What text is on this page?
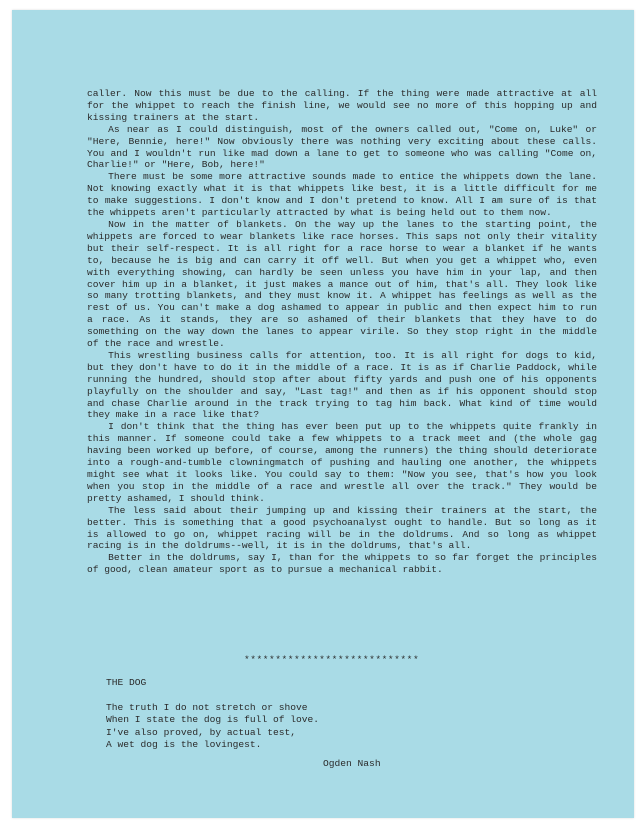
caller. Now this must be due to the calling. If the thing were made attractive at all for the whippet to reach the finish line, we would see no more of this hopping up and kissing trainers at the start.

As near as I could distinguish, most of the owners called out, "Come on, Luke" or "Here, Bennie, here!" Now obviously there was nothing very exciting about these calls. You and I wouldn't run like mad down a lane to get to someone who was calling "Come on, Charlie!" or "Here, Bob, here!"

There must be some more attractive sounds made to entice the whippets down the lane. Not knowing exactly what it is that whippets like best, it is a little difficult for me to make suggestions. I don't know and I don't pretend to know. All I am sure of is that the whippets aren't particularly attracted by what is being held out to them now.

Now in the matter of blankets. On the way up the lanes to the starting point, the whippets are forced to wear blankets like race horses. This saps not only their vitality but their self-respect. It is all right for a race horse to wear a blanket if he wants to, because he is big and can carry it off well. But when you get a whippet who, even with everything showing, can hardly be seen unless you have him in your lap, and then cover him up in a blanket, it just makes a mance out of him, that's all. They look like so many trotting blankets, and they must know it. A whippet has feelings as well as the rest of us. You can't make a dog ashamed to appear in public and then expect him to run a race. As it stands, they are so ashamed of their blankets that they have to do something on the way down the lanes to appear virile. So they stop right in the middle of the race and wrestle.

This wrestling business calls for attention, too. It is all right for dogs to kid, but they don't have to do it in the middle of a race. It is as if Charlie Paddock, while running the hundred, should stop after about fifty yards and push one of his opponents playfully on the shoulder and say, "Last tag!" and then as if his opponent should stop and chase Charlie around in the track trying to tag him back. What kind of time would they make in a race like that?

I don't think that the thing has ever been put up to the whippets quite frankly in this manner. If someone could take a few whippets to a track meet and (the whole gag having been worked up before, of course, among the runners) the thing should deteriorate into a rough-and-tumble clowningmatch of pushing and hauling one another, the whippets might see what it looks like. You could say to them: "Now you see, that's how you look when you stop in the middle of a race and wrestle all over the track." They would be pretty ashamed, I should think.

The less said about their jumping up and kissing their trainers at the start, the better. This is something that a good psychoanalyst ought to handle. But so long as it is allowed to go on, whippet racing will be in the doldrums. And so long as whippet racing is in the doldrums--well, it is in the doldrums, that's all.

Better in the doldrums, say I, than for the whippets to so far forget the principles of good, clean amateur sport as to pursue a mechanical rabbit.

****************************
THE DOG
The truth I do not stretch or shove
When I state the dog is full of love.
I've also proved, by actual test,
A wet dog is the lovingest.
Ogden Nash
